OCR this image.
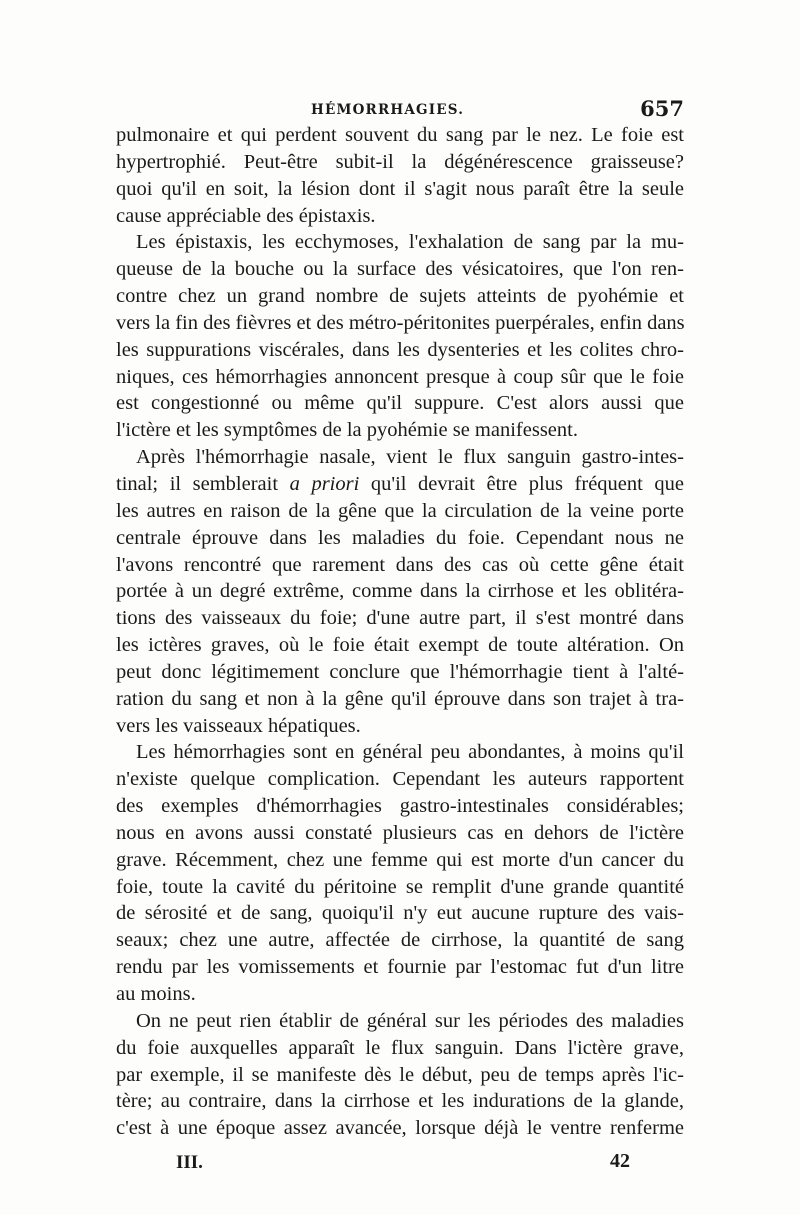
HÉMORRHAGIES.	657
pulmonaire et qui perdent souvent du sang par le nez. Le foie est
hypertrophié. Peut-être subit-il la dégénérescence graisseuse?
quoi qu'il en soit, la lésion dont il s'agit nous paraît être la seule
cause appréciable des épistaxis.
Les épistaxis, les ecchymoses, l'exhalation de sang par la mu-
queuse de la bouche ou la surface des vésicatoires, que l'on ren-
contre chez un grand nombre de sujets atteints de pyohémie et
vers la fin des fièvres et des métro-péritonites puerpérales, enfin dans
les suppurations viscérales, dans les dysenteries et les colites chro-
niques, ces hémorrhagies annoncent presque à coup sûr que le foie
est congestionné ou même qu'il suppure. C'est alors aussi que
l'ictère et les symptômes de la pyohémie se manifessent.
Après l'hémorrhagie nasale, vient le flux sanguin gastro-intes-
tinal; il semblerait a priori qu'il devrait être plus fréquent que
les autres en raison de la gêne que la circulation de la veine porte
centrale éprouve dans les maladies du foie. Cependant nous ne
l'avons rencontré que rarement dans des cas où cette gêne était
portée à un degré extrême, comme dans la cirrhose et les oblitéra-
tions des vaisseaux du foie; d'une autre part, il s'est montré dans
les ictères graves, où le foie était exempt de toute altération. On
peut donc légitimement conclure que l'hémorrhagie tient à l'alté-
ration du sang et non à la gêne qu'il éprouve dans son trajet à tra-
vers les vaisseaux hépatiques.
Les hémorrhagies sont en général peu abondantes, à moins qu'il
n'existe quelque complication. Cependant les auteurs rapportent
des exemples d'hémorrhagies gastro-intestinales considérables;
nous en avons aussi constaté plusieurs cas en dehors de l'ictère
grave. Récemment, chez une femme qui est morte d'un cancer du
foie, toute la cavité du péritoine se remplit d'une grande quantité
de sérosité et de sang, quoiqu'il n'y eut aucune rupture des vais-
seaux; chez une autre, affectée de cirrhose, la quantité de sang
rendu par les vomissements et fournie par l'estomac fut d'un litre
au moins.
On ne peut rien établir de général sur les périodes des maladies
du foie auxquelles apparaît le flux sanguin. Dans l'ictère grave,
par exemple, il se manifeste dès le début, peu de temps après l'ic-
tère; au contraire, dans la cirrhose et les indurations de la glande,
c'est à une époque assez avancée, lorsque déjà le ventre renferme
III.	42
